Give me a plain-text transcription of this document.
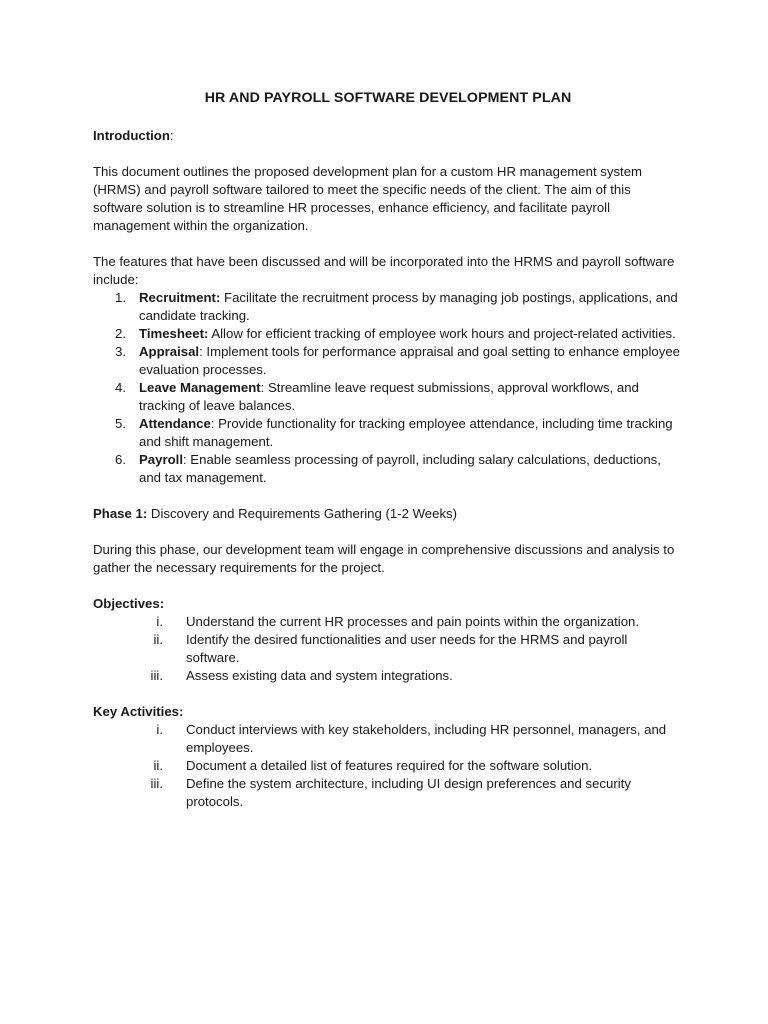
HR AND PAYROLL SOFTWARE DEVELOPMENT PLAN
Introduction:
This document outlines the proposed development plan for a custom HR management system (HRMS) and payroll software tailored to meet the specific needs of the client. The aim of this software solution is to streamline HR processes, enhance efficiency, and facilitate payroll management within the organization.
The features that have been discussed and will be incorporated into the HRMS and payroll software include:
1. Recruitment: Facilitate the recruitment process by managing job postings, applications, and candidate tracking.
2. Timesheet: Allow for efficient tracking of employee work hours and project-related activities.
3. Appraisal: Implement tools for performance appraisal and goal setting to enhance employee evaluation processes.
4. Leave Management: Streamline leave request submissions, approval workflows, and tracking of leave balances.
5. Attendance: Provide functionality for tracking employee attendance, including time tracking and shift management.
6. Payroll: Enable seamless processing of payroll, including salary calculations, deductions, and tax management.
Phase 1: Discovery and Requirements Gathering (1-2 Weeks)
During this phase, our development team will engage in comprehensive discussions and analysis to gather the necessary requirements for the project.
Objectives:
i. Understand the current HR processes and pain points within the organization.
ii. Identify the desired functionalities and user needs for the HRMS and payroll software.
iii. Assess existing data and system integrations.
Key Activities:
i. Conduct interviews with key stakeholders, including HR personnel, managers, and employees.
ii. Document a detailed list of features required for the software solution.
iii. Define the system architecture, including UI design preferences and security protocols.
